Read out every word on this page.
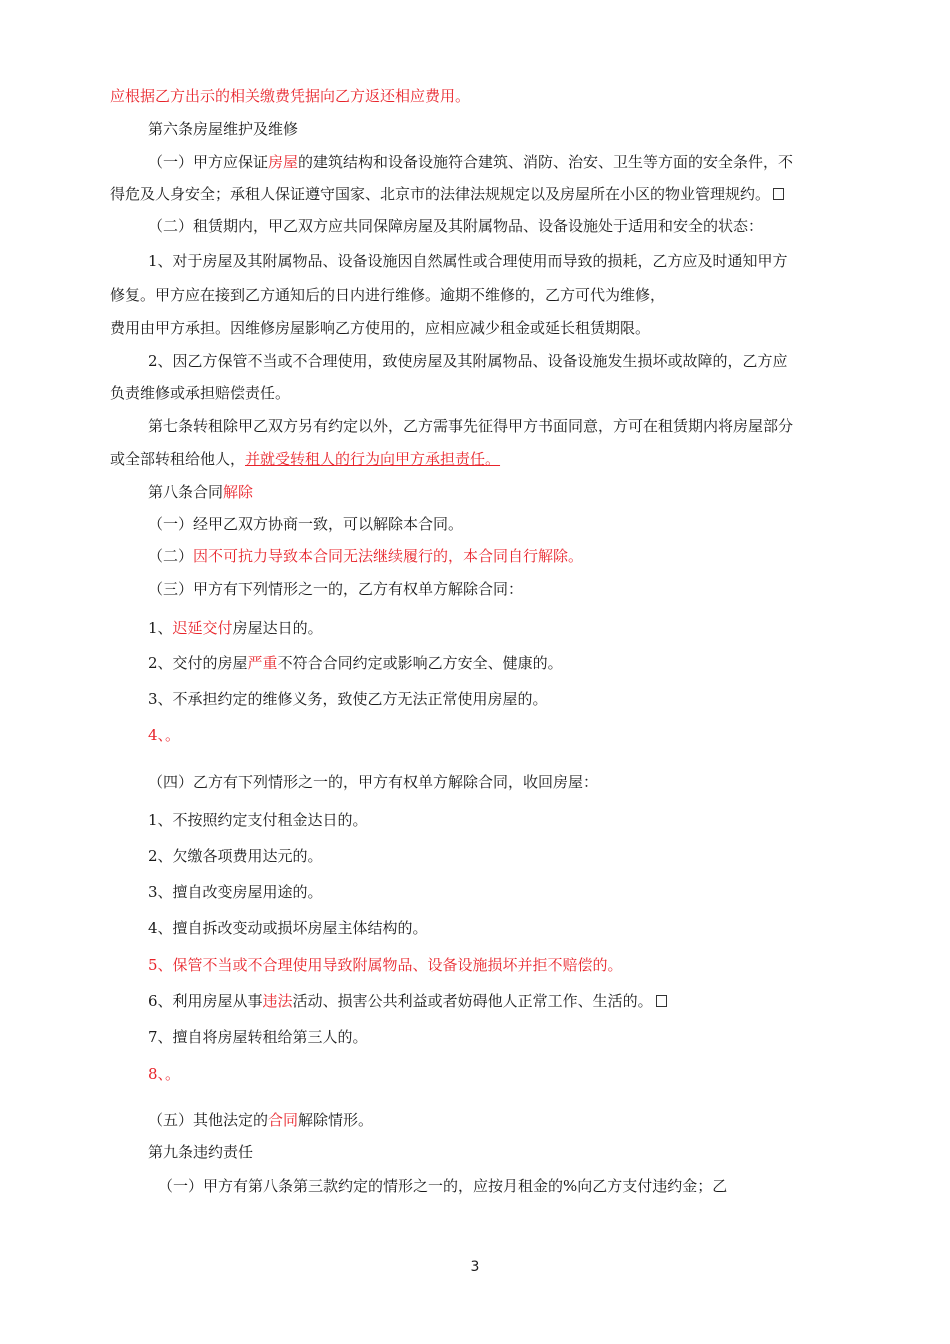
应根据乙方出示的相关缴费凭据向乙方返还相应费用。
第六条房屋维护及维修
（一）甲方应保证房屋的建筑结构和设备设施符合建筑、消防、治安、卫生等方面的安全条件，不
得危及人身安全；承租人保证遵守国家、北京市的法律法规规定以及房屋所在小区的物业管理规约。
（二）租赁期内，甲乙双方应共同保障房屋及其附属物品、设备设施处于适用和安全的状态：
1、对于房屋及其附属物品、设备设施因自然属性或合理使用而导致的损耗，乙方应及时通知甲方
修复。甲方应在接到乙方通知后的日内进行维修。逾期不维修的，乙方可代为维修，
费用由甲方承担。因维修房屋影响乙方使用的，应相应减少租金或延长租赁期限。
2、因乙方保管不当或不合理使用，致使房屋及其附属物品、设备设施发生损坏或故障的，乙方应
负责维修或承担赔偿责任。
第七条转租除甲乙双方另有约定以外，乙方需事先征得甲方书面同意，方可在租赁期内将房屋部分
或全部转租给他人，并就受转租人的行为向甲方承担责任。
第八条合同解除
（一）经甲乙双方协商一致，可以解除本合同。
（二）因不可抗力导致本合同无法继续履行的，本合同自行解除。
（三）甲方有下列情形之一的，乙方有权单方解除合同：
1、迟延交付房屋达日的。
2、交付的房屋严重不符合合同约定或影响乙方安全、健康的。
3、不承担约定的维修义务，致使乙方无法正常使用房屋的。
4、。
（四）乙方有下列情形之一的，甲方有权单方解除合同，收回房屋：
1、不按照约定支付租金达日的。
2、欠缴各项费用达元的。
3、擅自改变房屋用途的。
4、擅自拆改变动或损坏房屋主体结构的。
5、保管不当或不合理使用导致附属物品、设备设施损坏并拒不赔偿的。
6、利用房屋从事违法活动、损害公共利益或者妨碍他人正常工作、生活的。
7、擅自将房屋转租给第三人的。
8、。
（五）其他法定的合同解除情形。
第九条违约责任
（一）甲方有第八条第三款约定的情形之一的，应按月租金的%向乙方支付违约金；乙
3
